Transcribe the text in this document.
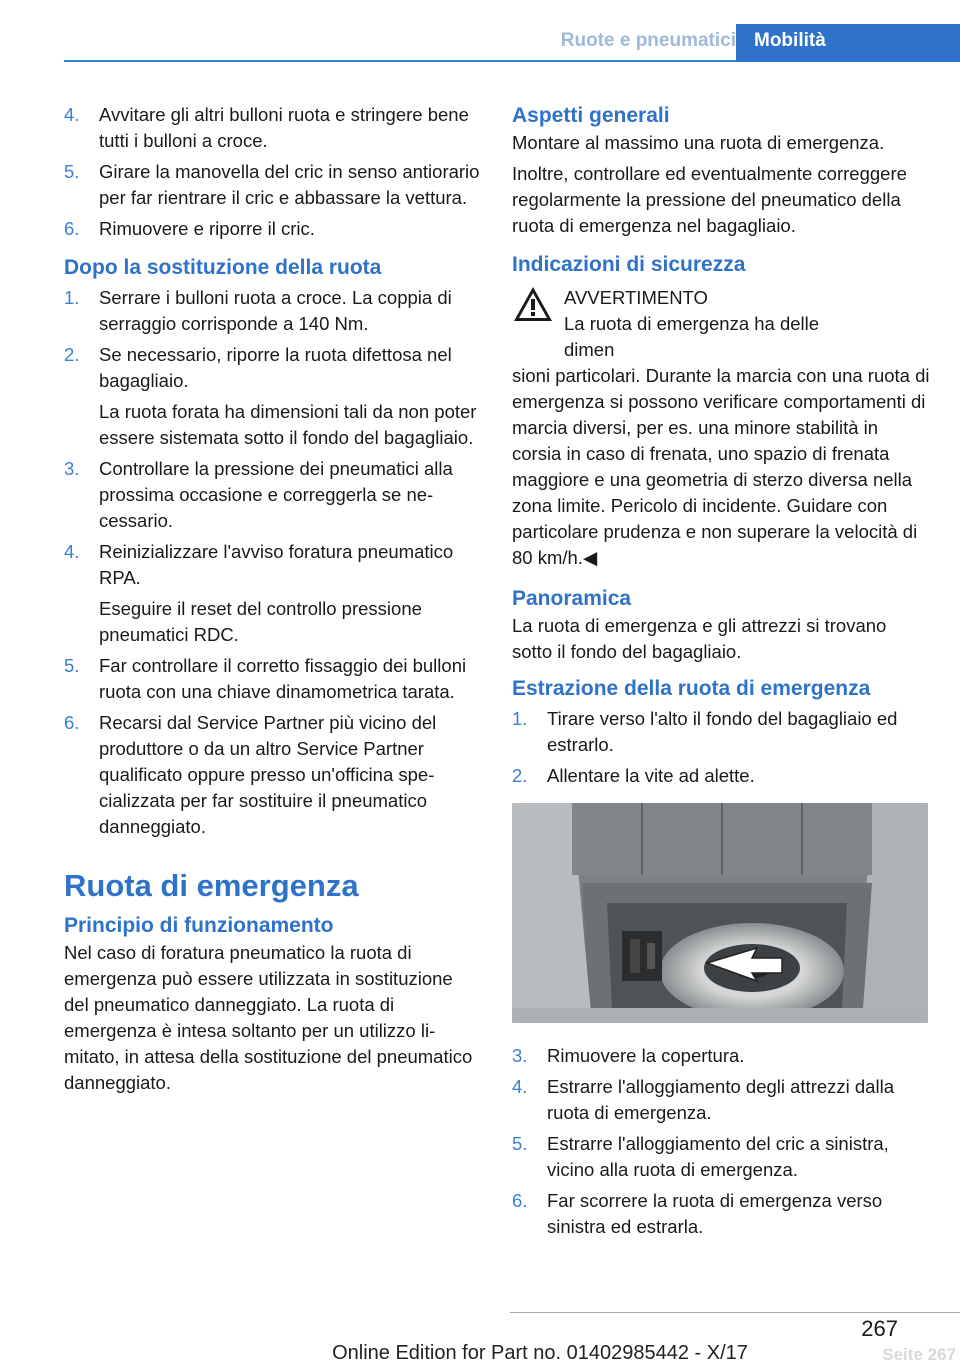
Ruote e pneumatici Mobilità
4.	Avvitare gli altri bulloni ruota e stringere bene tutti i bulloni a croce.

5.	Girare la manovella del cric in senso antiorario per far rientrare il cric e abbassare la vettura.

6.	Rimuovere e riporre il cric.

Dopo la sostituzione della ruota
1.	Serrare i bulloni ruota a croce. La coppia di serraggio corrisponde a 140 Nm.

2.	Se necessario, riporre la ruota difettosa nel bagagliaio.

La ruota forata ha dimensioni tali da non poter essere sistemata sotto il fondo del bagagliaio.

3.	Controllare la pressione dei pneumatici alla prossima occasione e correggerla se necessario.

4.	Reinizializzare l'avviso foratura pneumatico RPA.

Eseguire il reset del controllo pressione pneumatici RDC.

5.	Far controllare il corretto fissaggio dei bulloni ruota con una chiave dinamometrica tarata.

6.	Recarsi dal Service Partner più vicino del produttore o da un altro Service Partner qualificato oppure presso un'officina specializzata per far sostituire il pneumatico danneggiato.

Ruota di emergenza
Principio di funzionamento

Nel caso di foratura pneumatico la ruota di emergenza può essere utilizzata in sostituzione del pneumatico danneggiato. La ruota di emergenza è intesa soltanto per un utilizzo limitato, in attesa della sostituzione del pneumatico danneggiato.

Aspetti generali

Montare al massimo una ruota di emergenza.

Inoltre, controllare ed eventualmente correggere regolarmente la pressione del pneumatico della ruota di emergenza nel bagagliaio.

Indicazioni di sicurezza

AVVERTIMENTO

La ruota di emergenza ha delle dimen

sioni particolari. Durante la marcia con una ruota di emergenza si possono verificare comportamenti di marcia diversi, per es. una minore stabilità in corsia in caso di frenata, uno spazio di frenata maggiore e una geometria di sterzo diversa nella zona limite. Pericolo di incidente. Guidare con particolare prudenza e non superare la velocità di 80 km/h.◀

Panoramica

La ruota di emergenza e gli attrezzi si trovano sotto il fondo del bagagliaio.

Estrazione della ruota di emergenza
1.	Tirare verso l'alto il fondo del bagagliaio ed estrarlo.

2.	Allentare la vite ad alette.

3.	Rimuovere la copertura.

4.	Estrarre l'alloggiamento degli attrezzi dalla ruota di emergenza.

5.	Estrarre l'alloggiamento del cric a sinistra, vicino alla ruota di emergenza.

6.	Far scorrere la ruota di emergenza verso sinistra ed estrarla.

267
Online Edition for Part no. 01402985442 - X/17	Seite 267
